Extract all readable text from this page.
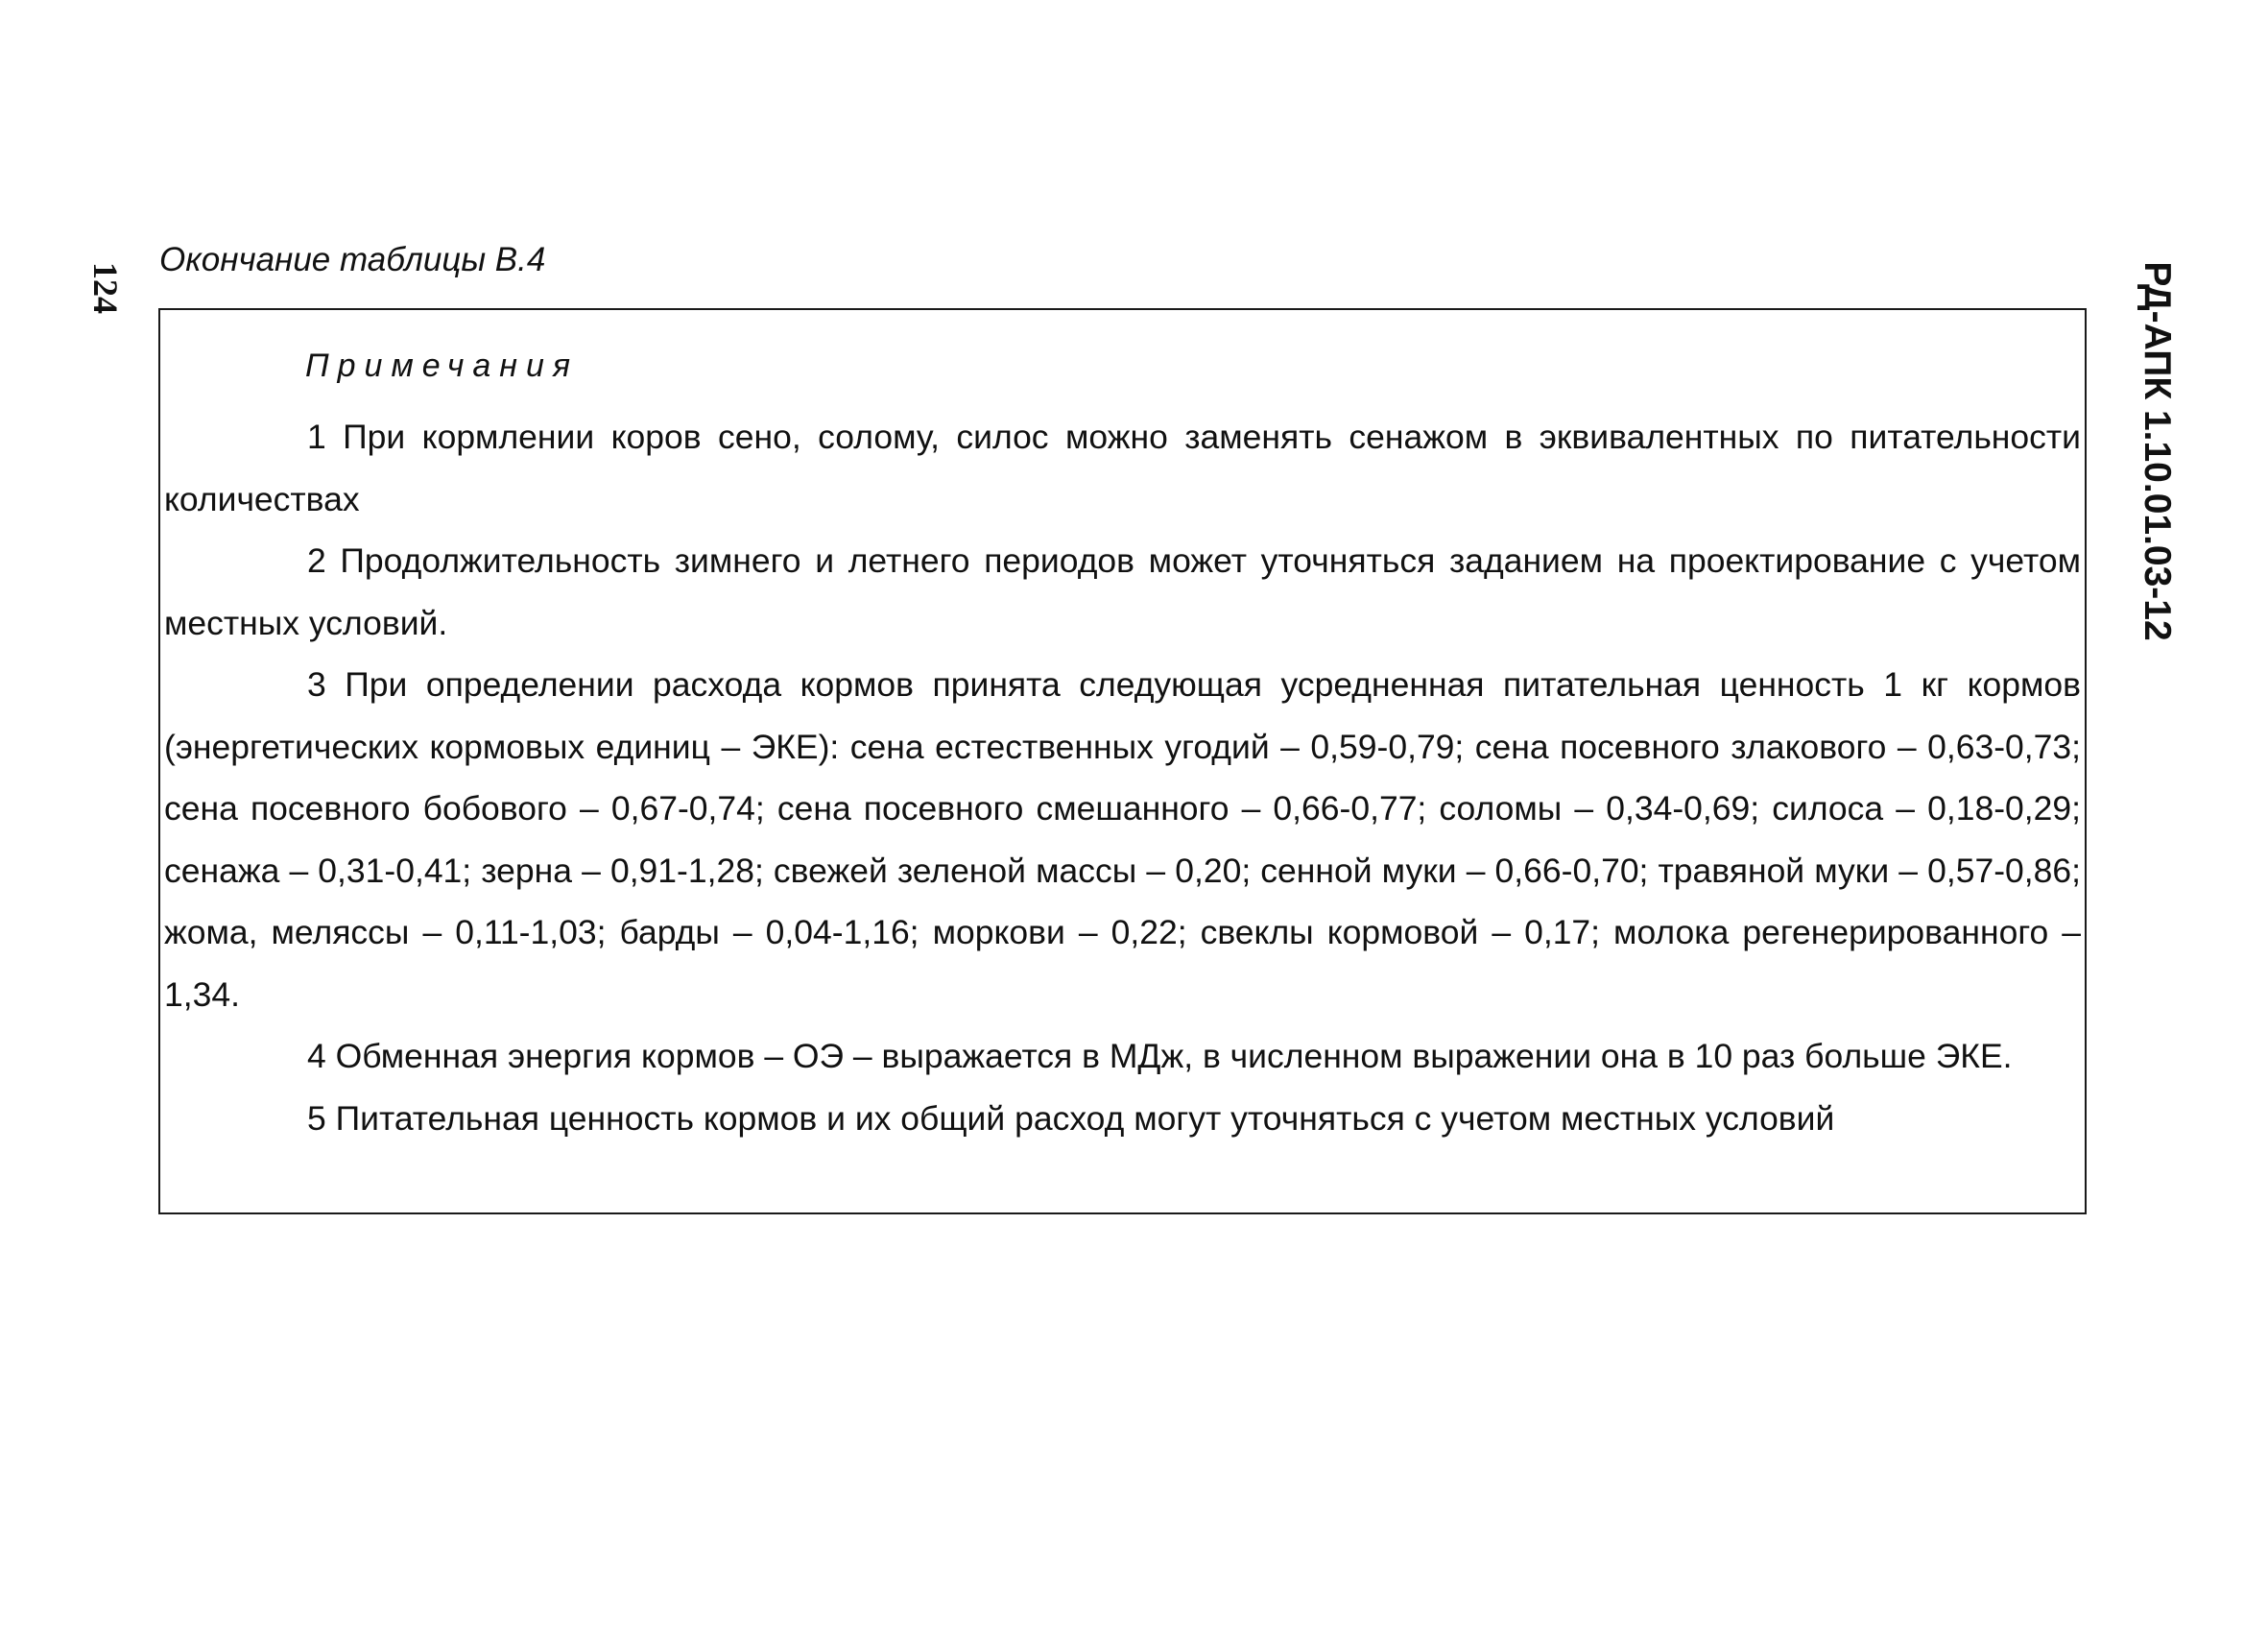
124	РД-АПК 1.10.01.03-12
Окончание таблицы В.4

Примечания

1 При кормлении коров сено, солому, силос можно заменять сенажом в эквивалентных по питательности количествах

2 Продолжительность зимнего и летнего периодов может уточняться заданием на проектирование с учетом местных условий.

3 При определении расхода кормов принята следующая усредненная питательная ценность 1 кг кормов (энергетических кормовых единиц – ЭКЕ): сена естественных угодий – 0,59-0,79; сена посевного злакового – 0,63-0,73; сена посевного бобового – 0,67-0,74; сена посевного смешанного – 0,66-0,77; соломы – 0,34-0,69; силоса – 0,18-0,29; сенажа – 0,31-0,41; зерна – 0,91-1,28; свежей зеленой массы – 0,20; сенной муки – 0,66-0,70; травяной муки – 0,57-0,86; жома, меляссы – 0,11-1,03; барды – 0,04-1,16; моркови – 0,22; свеклы кормовой – 0,17; молока регенерированного – 1,34.

4 Обменная энергия кормов – ОЭ – выражается в МДж, в численном выражении она в 10 раз больше ЭКЕ.

5 Питательная ценность кормов и их общий расход могут уточняться с учетом местных условий
